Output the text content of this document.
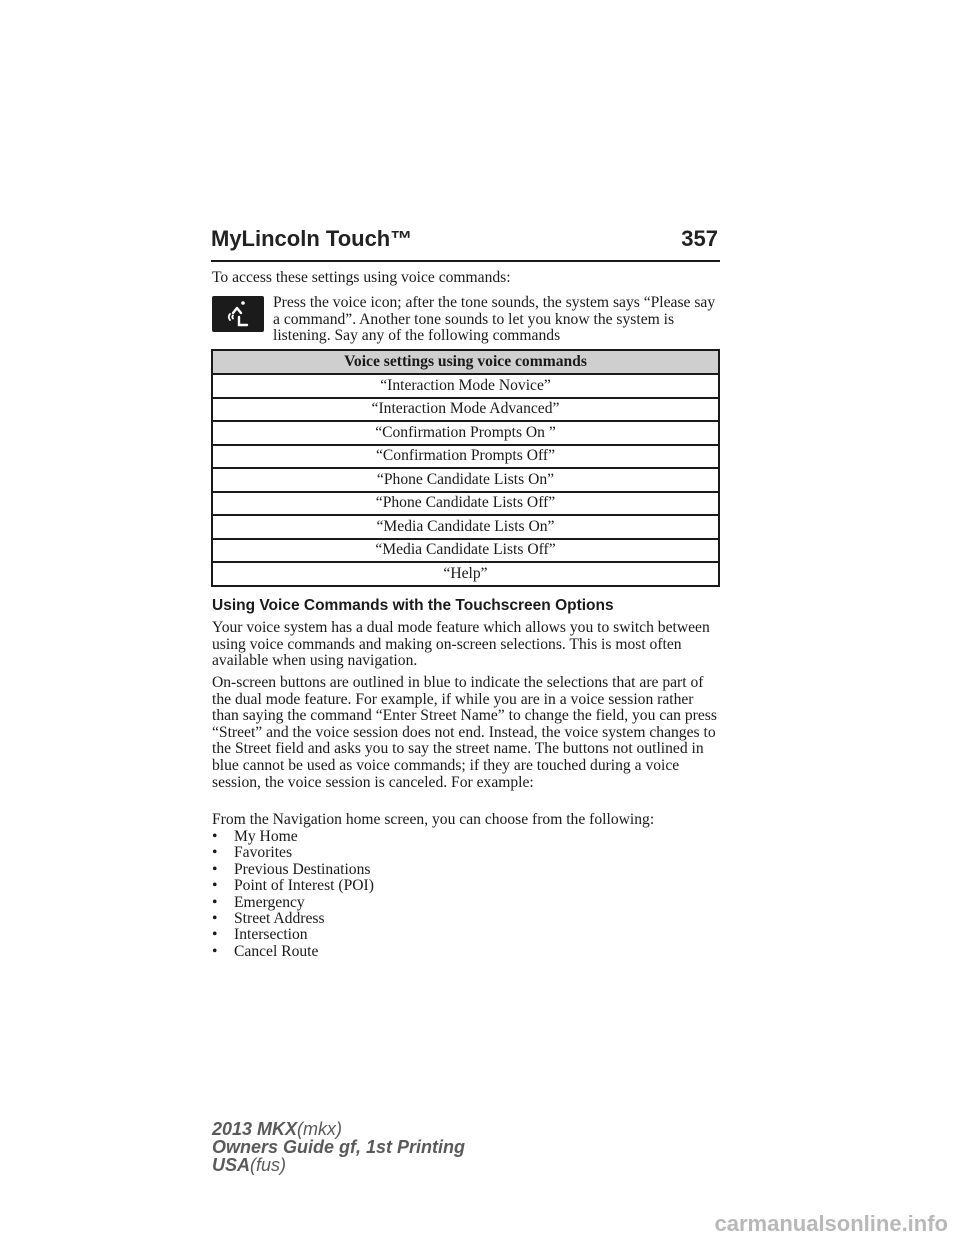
MyLincoln Touch™	357

To access these settings using voice commands:

Press the voice icon; after the tone sounds, the system says “Please say a command”. Another tone sounds to let you know the system is listening. Say any of the following commands
Voice settings using voice commands
“Interaction Mode Novice”
“Interaction Mode Advanced”
“Confirmation Prompts On ”
“Confirmation Prompts Off”
“Phone Candidate Lists On”
“Phone Candidate Lists Off”
“Media Candidate Lists On”
“Media Candidate Lists Off”
“Help”
Using Voice Commands with the Touchscreen Options

Your voice system has a dual mode feature which allows you to switch between using voice commands and making on-screen selections. This is most often available when using navigation.

On-screen buttons are outlined in blue to indicate the selections that are part of the dual mode feature. For example, if while you are in a voice session rather than saying the command “Enter Street Name” to change the field, you can press “Street” and the voice session does not end. Instead, the voice system changes to the Street field and asks you to say the street name. The buttons not outlined in blue cannot be used as voice commands; if they are touched during a voice session, the voice session is canceled. For example:

From the Navigation home screen, you can choose from the following:

• My Home
• Favorites
• Previous Destinations
• Point of Interest (POI)
• Emergency
• Street Address
• Intersection
• Cancel Route
2013 MKX(mkx)
Owners Guide gf, 1st Printing
USA(fus)
carmanualsonline.info
